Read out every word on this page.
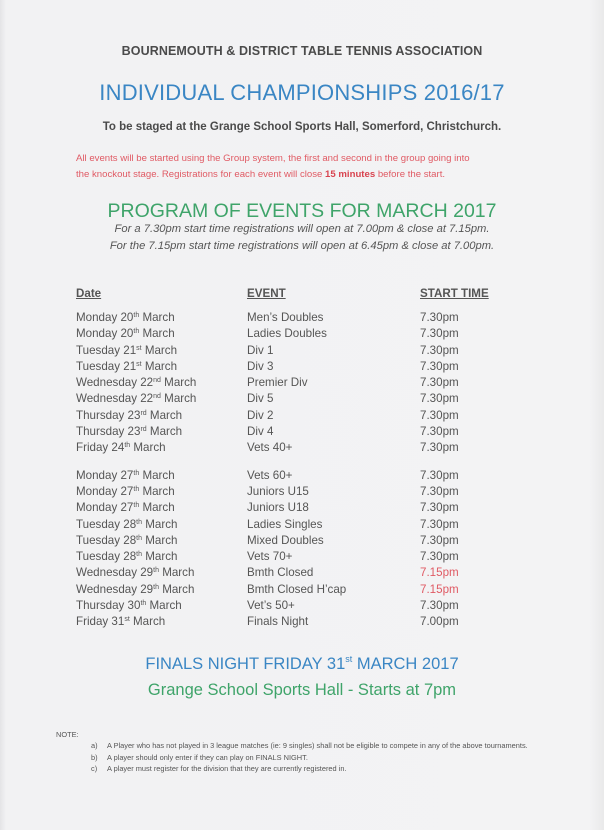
BOURNEMOUTH & DISTRICT TABLE TENNIS ASSOCIATION
INDIVIDUAL CHAMPIONSHIPS 2016/17
To be staged at the Grange School Sports Hall, Somerford, Christchurch.
All events will be started using the Group system, the first and second in the group going into
the knockout stage. Registrations for each event will close 15 minutes before the start.
PROGRAM OF EVENTS FOR MARCH 2017
For a 7.30pm start time registrations will open at 7.00pm & close at 7.15pm.
For the 7.15pm start time registrations will open at 6.45pm & close at 7.00pm.
Date	EVENT	START TIME
Monday 20th March	Men’s Doubles	7.30pm
Monday 20th March	Ladies Doubles	7.30pm
Tuesday 21st March	Div 1	7.30pm
Tuesday 21st March	Div 3	7.30pm
Wednesday 22nd March	Premier Div	7.30pm
Wednesday 22nd March	Div 5	7.30pm
Thursday 23rd March	Div 2	7.30pm
Thursday 23rd March	Div 4	7.30pm
Friday 24th March	Vets 40+	7.30pm
Monday 27th March	Vets 60+	7.30pm
Monday 27th March	Juniors U15	7.30pm
Monday 27th March	Juniors U18	7.30pm
Tuesday 28th March	Ladies Singles	7.30pm
Tuesday 28th March	Mixed Doubles	7.30pm
Tuesday 28th March	Vets 70+	7.30pm
Wednesday 29th March	Bmth Closed	7.15pm
Wednesday 29th March	Bmth Closed H’cap	7.15pm
Thursday 30th March	Vet’s 50+	7.30pm
Friday 31st March	Finals Night	7.00pm
FINALS NIGHT FRIDAY 31st MARCH 2017
Grange School Sports Hall - Starts at 7pm
NOTE:
a) A Player who has not played in 3 league matches (ie: 9 singles) shall not be eligible to compete in any of the above tournaments.
b) A player should only enter if they can play on FINALS NIGHT.
c) A player must register for the division that they are currently registered in.
